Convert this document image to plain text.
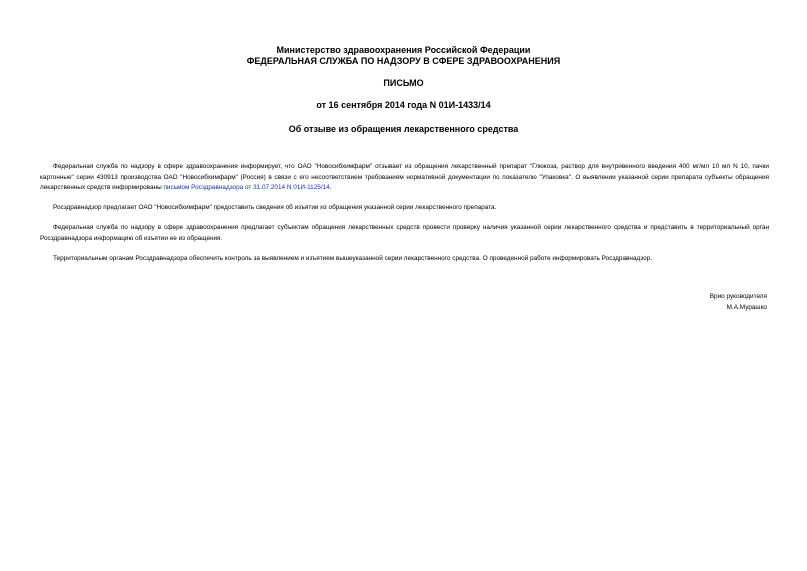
Министерство здравоохранения Российской Федерации
ФЕДЕРАЛЬНАЯ СЛУЖБА ПО НАДЗОРУ В СФЕРЕ ЗДРАВООХРАНЕНИЯ
ПИСЬМО
от 16 сентября 2014 года N 01И-1433/14
Об отзыве из обращения лекарственного средства

Федеральная служба по надзору в сфере здравоохранения информирует, что ОАО "Новосибхимфарм" отзывает из обращения лекарственный препарат "Глюкоза, раствор для внутривенного введения 400 мг/мл 10 мл N 10, пачки картонные" серии 430913 производства ОАО "Новосибхимфарм" (Россия) в связи с его несоответствием требованиям нормативной документации по показателю "Упаковка". О выявлении указанной серии препарата субъекты обращения лекарственных средств информированы письмом Росздравнадзора от 31.07.2014 N 01И-1125/14.

Росздравнадзор предлагает ОАО "Новосибхимфарм" предоставить сведения об изъятии из обращения указанной серии лекарственного препарата.

Федеральная служба по надзору в сфере здравоохранения предлагает субъектам обращения лекарственных средств провести проверку наличия указанной серии лекарственного средства и представить в территориальный орган Росздравнадзора информацию об изъятии ее из обращения.

Территориальным органам Росздравнадзора обеспечить контроль за выявлением и изъятием вышеуказанной серии лекарственного средства. О проведенной работе информировать Росздравнадзор.

Врио руководителя
М.А.Мурашко
